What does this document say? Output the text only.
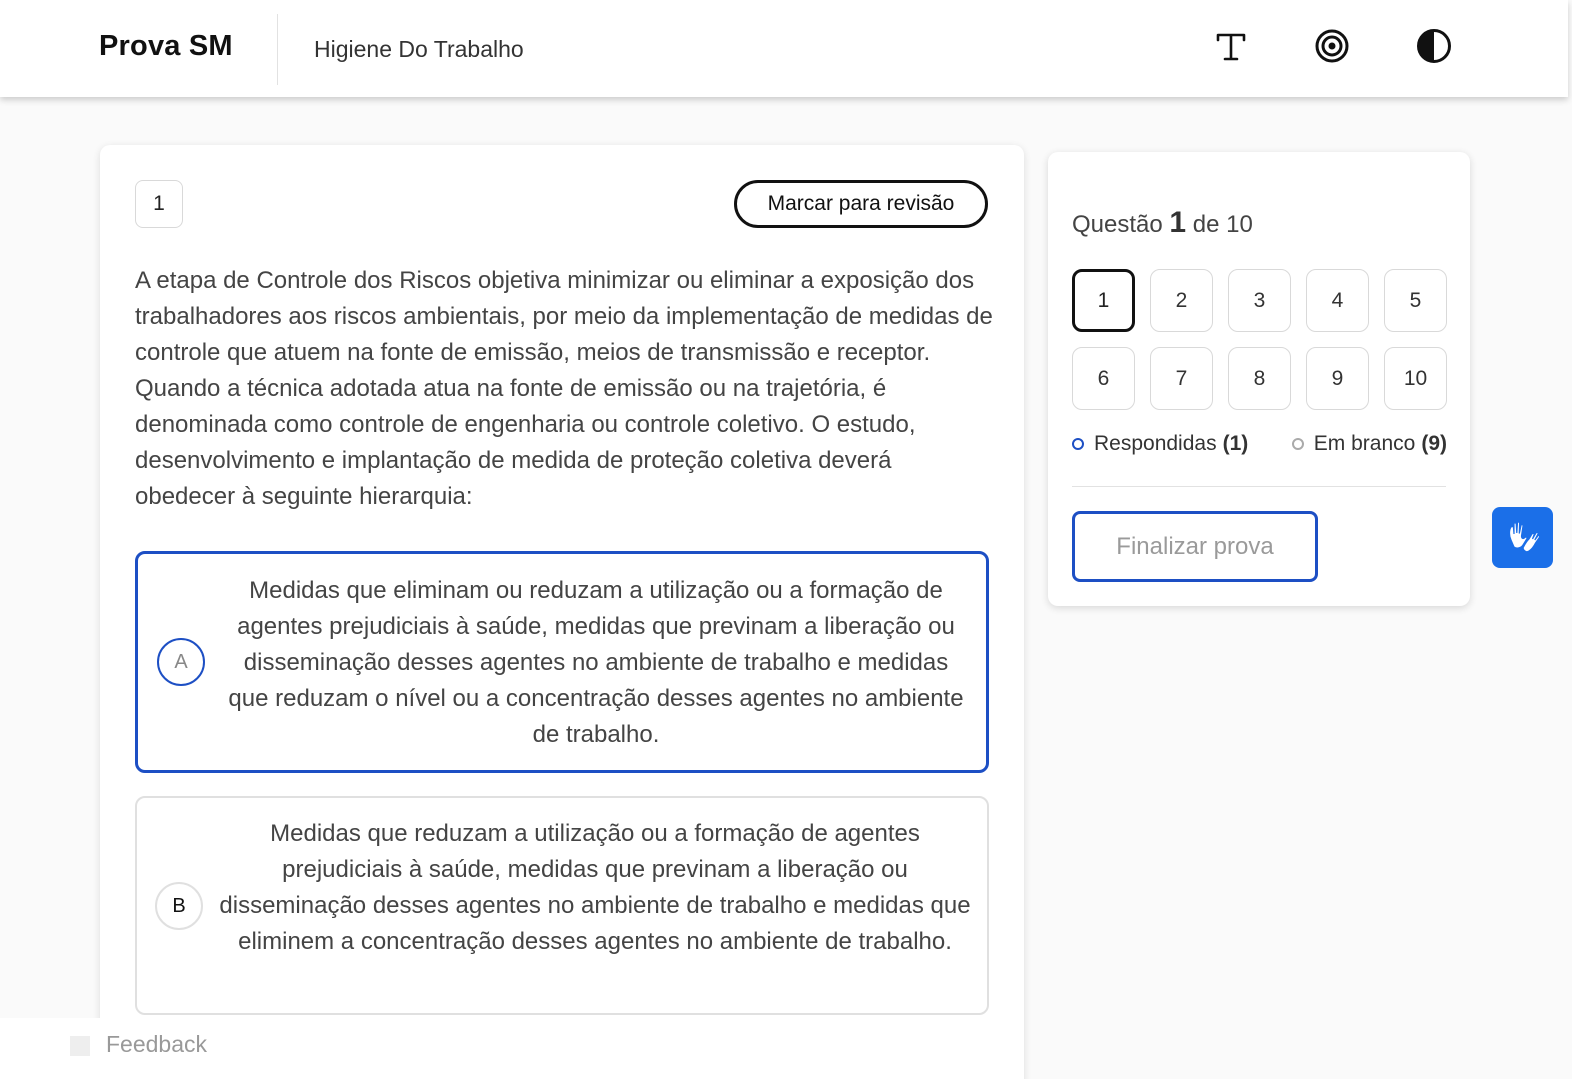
Prova SM	Higiene Do Trabalho
1	Marcar para revisão
A etapa de Controle dos Riscos objetiva minimizar ou eliminar a exposição dos trabalhadores aos riscos ambientais, por meio da implementação de medidas de controle que atuem na fonte de emissão, meios de transmissão e receptor. Quando a técnica adotada atua na fonte de emissão ou na trajetória, é denominada como controle de engenharia ou controle coletivo. O estudo, desenvolvimento e implantação de medida de proteção coletiva deverá obedecer à seguinte hierarquia:
A
Medidas que eliminam ou reduzam a utilização ou a formação de agentes prejudiciais à saúde, medidas que previnam a liberação ou disseminação desses agentes no ambiente de trabalho e medidas que reduzam o nível ou a concentração desses agentes no ambiente de trabalho.
B
Medidas que reduzam a utilização ou a formação de agentes prejudiciais à saúde, medidas que previnam a liberação ou disseminação desses agentes no ambiente de trabalho e medidas que eliminem a concentração desses agentes no ambiente de trabalho.
Questão 1 de 10
1	2	3	4	5
6	7	8	9	10
Respondidas (1)	Em branco (9)
Finalizar prova
Feedback
